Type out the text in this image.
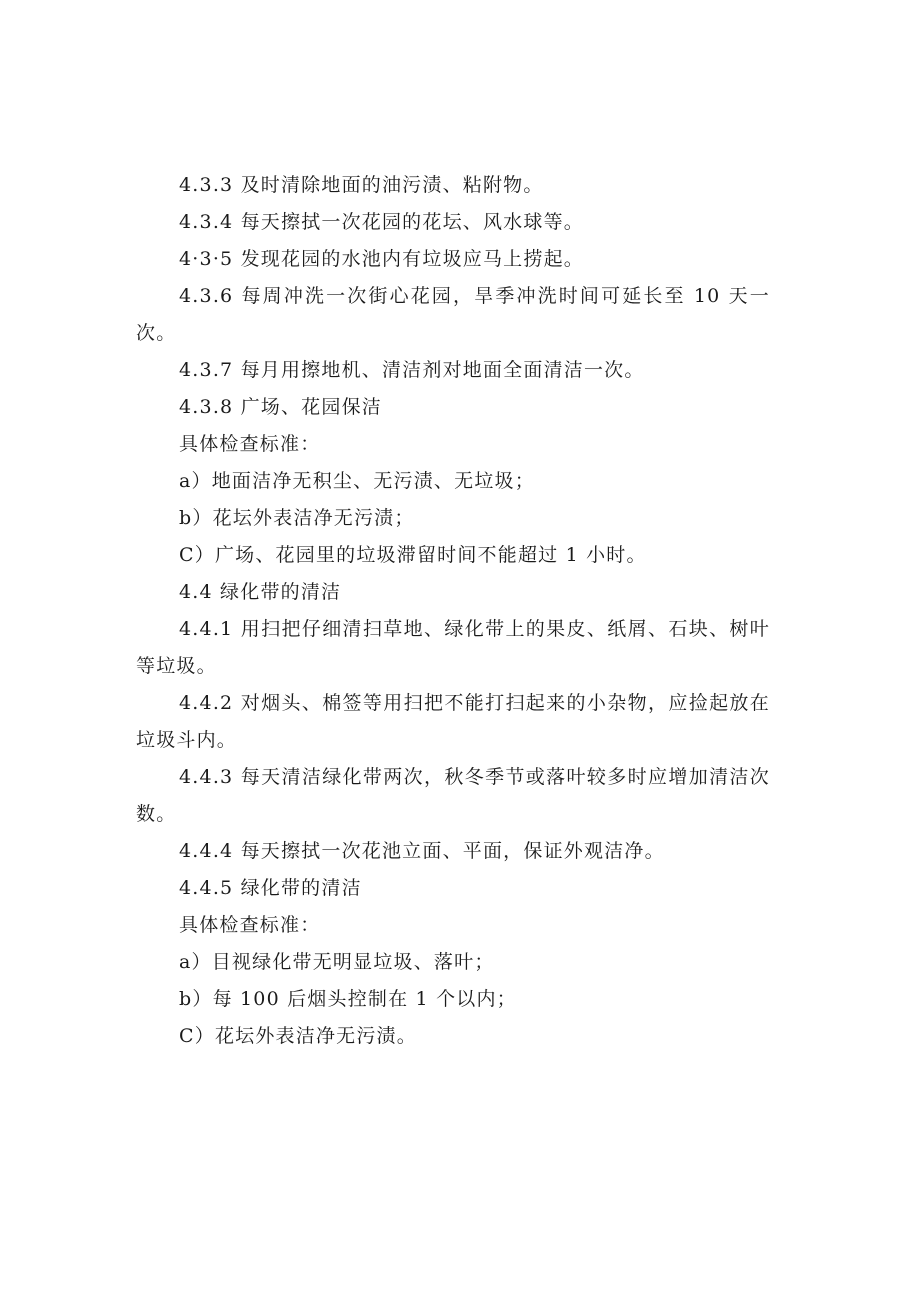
4.3.3 及时清除地面的油污渍、粘附物。

4.3.4 每天擦拭一次花园的花坛、风水球等。

4·3·5 发现花园的水池内有垃圾应马上捞起。

4.3.6 每周冲洗一次街心花园，旱季冲洗时间可延长至 10 天一次。

4.3.7 每月用擦地机、清洁剂对地面全面清洁一次。

4.3.8 广场、花园保洁

具体检查标准：

a）地面洁净无积尘、无污渍、无垃圾；

b）花坛外表洁净无污渍；

C）广场、花园里的垃圾滞留时间不能超过 1 小时。

4.4 绿化带的清洁

4.4.1 用扫把仔细清扫草地、绿化带上的果皮、纸屑、石块、树叶等垃圾。

4.4.2 对烟头、棉签等用扫把不能打扫起来的小杂物，应捡起放在垃圾斗内。

4.4.3 每天清洁绿化带两次，秋冬季节或落叶较多时应增加清洁次数。

4.4.4 每天擦拭一次花池立面、平面，保证外观洁净。

4.4.5 绿化带的清洁

具体检查标准：

a）目视绿化带无明显垃圾、落叶；

b）每 100 后烟头控制在 1 个以内；

C）花坛外表洁净无污渍。
